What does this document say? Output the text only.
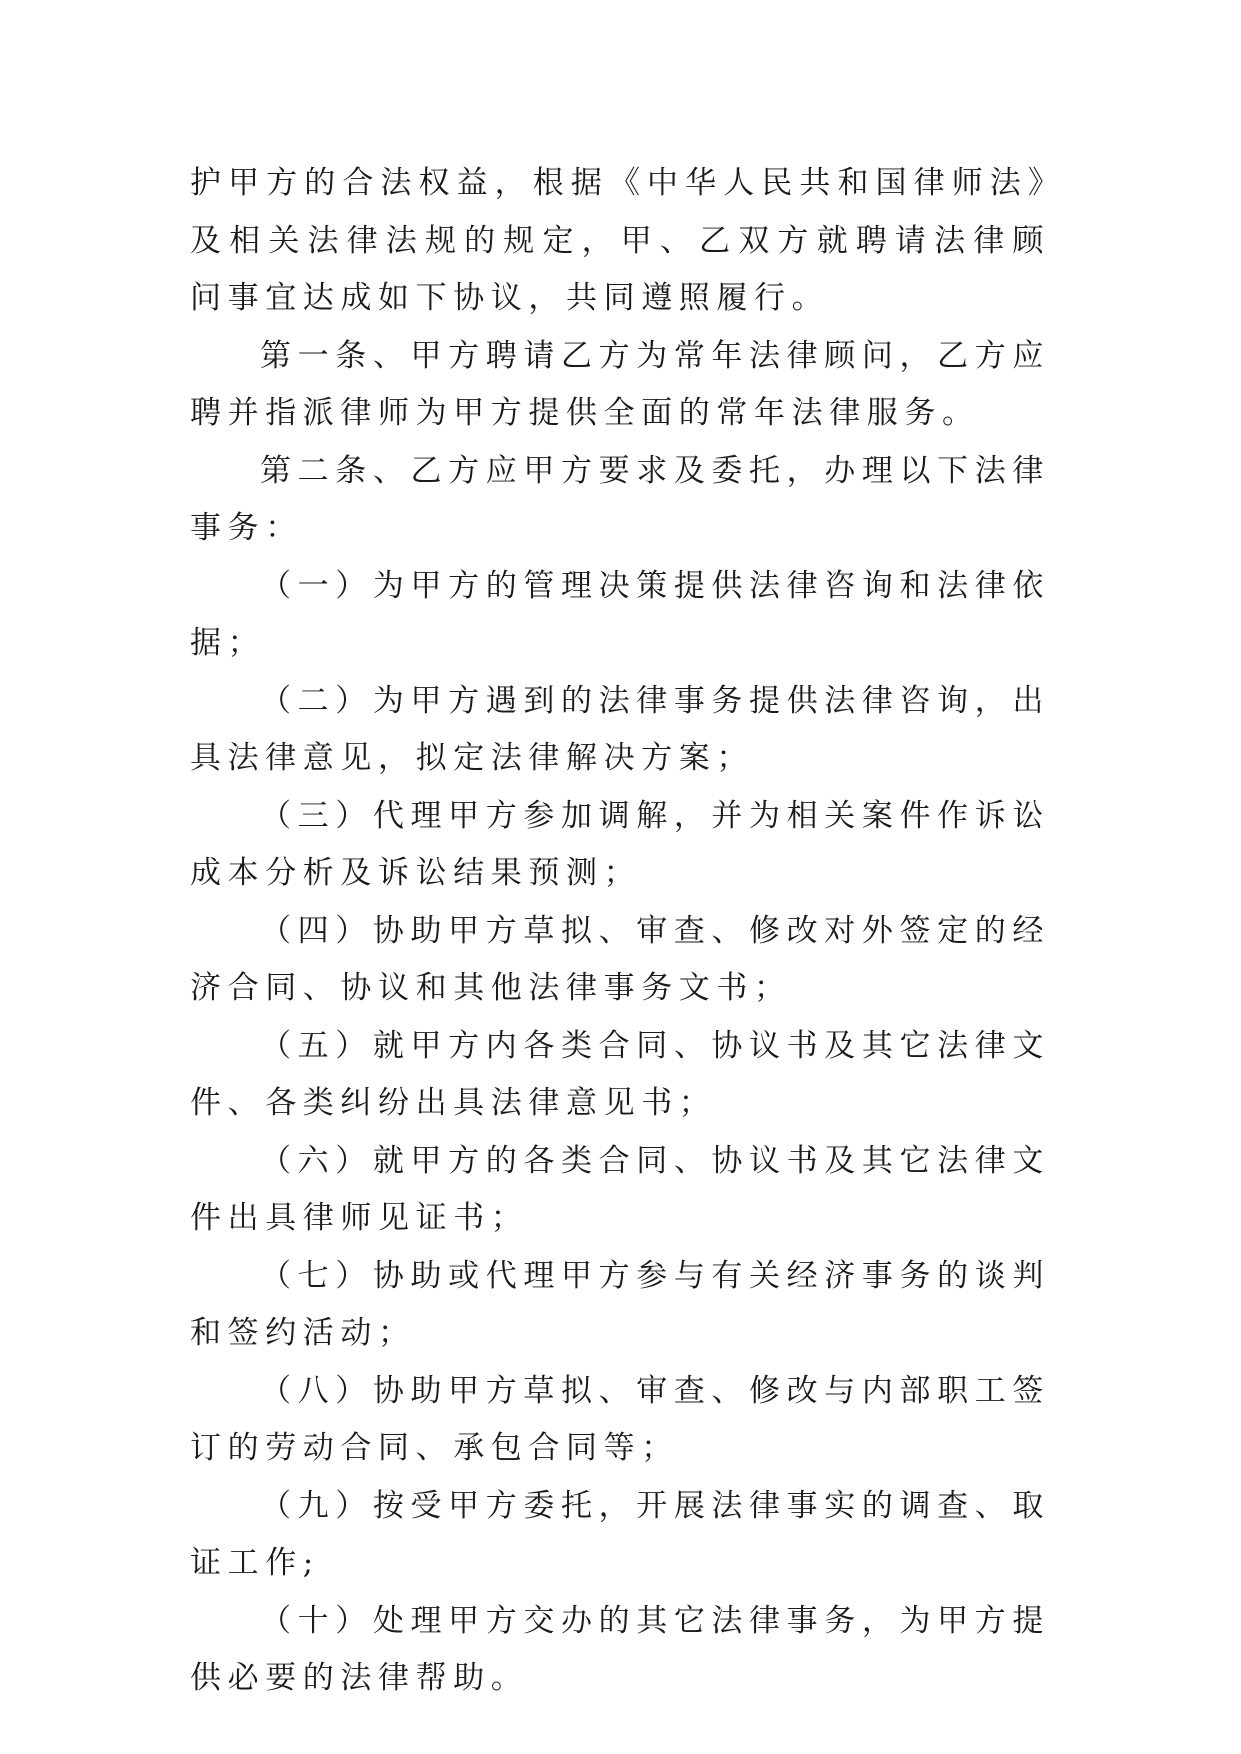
护甲方的合法权益，根据《中华人民共和国律师法》及相关法律法规的规定，甲、乙双方就聘请法律顾问事宜达成如下协议，共同遵照履行。

第一条、甲方聘请乙方为常年法律顾问，乙方应聘并指派律师为甲方提供全面的常年法律服务。

第二条、乙方应甲方要求及委托，办理以下法律事务：

（一）为甲方的管理决策提供法律咨询和法律依据；

（二）为甲方遇到的法律事务提供法律咨询，出具法律意见，拟定法律解决方案；

（三）代理甲方参加调解，并为相关案件作诉讼成本分析及诉讼结果预测；

（四）协助甲方草拟、审查、修改对外签定的经济合同、协议和其他法律事务文书；

（五）就甲方内各类合同、协议书及其它法律文件、各类纠纷出具法律意见书；

（六）就甲方的各类合同、协议书及其它法律文件出具律师见证书；

（七）协助或代理甲方参与有关经济事务的谈判和签约活动；

（八）协助甲方草拟、审查、修改与内部职工签订的劳动合同、承包合同等；

（九）按受甲方委托，开展法律事实的调查、取证工作;

（十）处理甲方交办的其它法律事务，为甲方提供必要的法律帮助。
